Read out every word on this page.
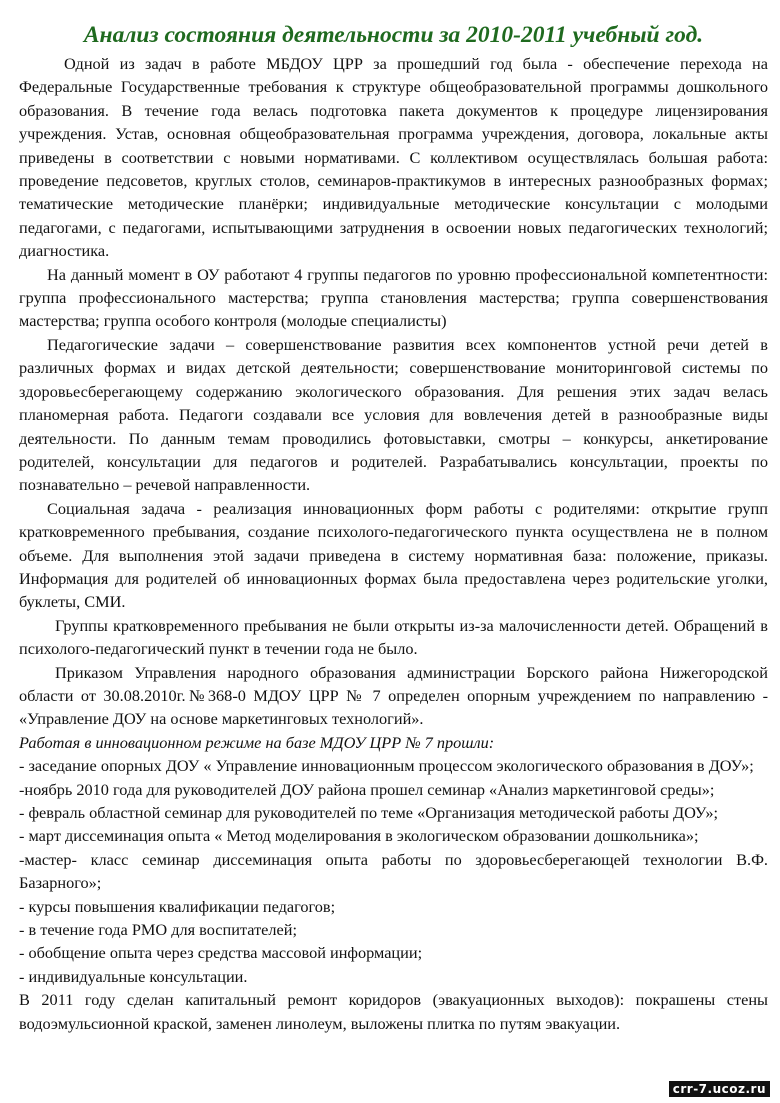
Анализ состояния деятельности за 2010-2011 учебный год.

Одной из задач в работе МБДОУ ЦРР за прошедший год была - обеспечение перехода на Федеральные Государственные требования к структуре общеобразовательной программы дошкольного образования. В течение года велась подготовка пакета документов к процедуре лицензирования учреждения. Устав, основная общеобразовательная программа учреждения, договора, локальные акты приведены в соответствии с новыми нормативами. С коллективом осуществлялась большая работа: проведение педсоветов, круглых столов, семинаров-практикумов в интересных разнообразных формах; тематические методические планёрки; индивидуальные методические консультации с молодыми педагогами, с педагогами, испытывающими затруднения в освоении новых педагогических технологий; диагностика.

На данный момент в ОУ работают 4 группы педагогов по уровню профессиональной компетентности: группа профессионального мастерства; группа становления мастерства; группа совершенствования мастерства; группа особого контроля (молодые специалисты)

Педагогические задачи – совершенствование развития всех компонентов устной речи детей в различных формах и видах детской деятельности; совершенствование мониторинговой системы по здоровьесберегающему содержанию экологического образования. Для решения этих задач велась планомерная работа. Педагоги создавали все условия для вовлечения детей в разнообразные виды деятельности. По данным темам проводились фотовыставки, смотры – конкурсы, анкетирование родителей, консультации для педагогов и родителей. Разрабатывались консультации, проекты по познавательно – речевой направленности.

Социальная задача - реализация инновационных форм работы с родителями: открытие групп кратковременного пребывания, создание психолого-педагогического пункта осуществлена не в полном объеме. Для выполнения этой задачи приведена в систему нормативная база: положение, приказы. Информация для родителей об инновационных формах была предоставлена через родительские уголки, буклеты, СМИ.

Группы кратковременного пребывания не были открыты из-за малочисленности детей. Обращений в психолого-педагогический пункт в течении года не было.

Приказом Управления народного образования администрации Борского района Нижегородской области от 30.08.2010г.№368-0 МДОУ ЦРР № 7 определен опорным учреждением по направлению - «Управление ДОУ на основе маркетинговых технологий».

Работая в инновационном режиме на базе МДОУ ЦРР № 7 прошли:

- заседание опорных ДОУ « Управление инновационным процессом экологического образования в ДОУ»;

-ноябрь 2010 года для руководителей ДОУ района прошел семинар «Анализ маркетинговой среды»;

- февраль областной семинар для руководителей по теме «Организация методической работы ДОУ»;

- март диссеминация опыта « Метод моделирования в экологическом образовании дошкольника»;

-мастер- класс семинар диссеминация опыта работы по здоровьесберегающей технологии В.Ф. Базарного»;

- курсы повышения квалификации педагогов;

- в течение года РМО для воспитателей;

- обобщение опыта через средства массовой информации;

- индивидуальные консультации.

В 2011 году сделан капитальный ремонт коридоров (эвакуационных выходов): покрашены стены водоэмульсионной краской, заменен линолеум, выложены плитка по путям эвакуации.

crr-7.ucoz.ru
